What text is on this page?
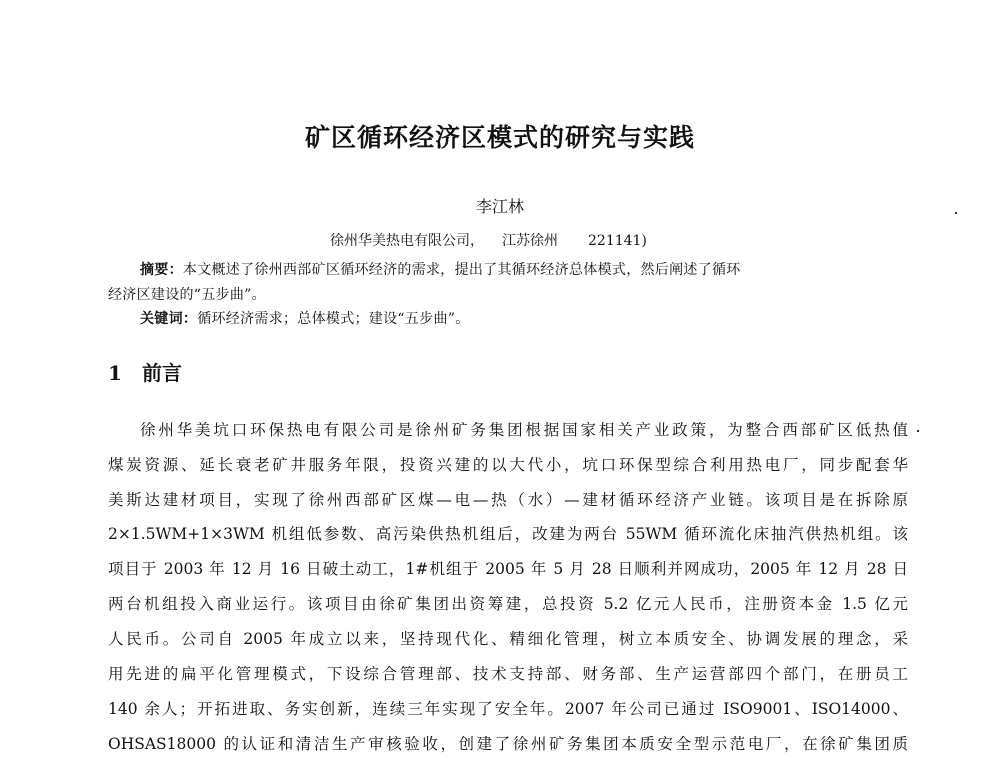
矿区循环经济区模式的研究与实践
李江林
徐州华美热电有限公司， 江苏徐州 221141)
摘要：本文概述了徐州西部矿区循环经济的需求，提出了其循环经济总体模式，然后阐述了循环
经济区建设的“五步曲”。
关键词：循环经济需求；总体模式；建设“五步曲”。
1 前言
徐州华美坑口环保热电有限公司是徐州矿务集团根据国家相关产业政策，为整合西部矿区低热值
煤炭资源、延长衰老矿井服务年限，投资兴建的以大代小，坑口环保型综合利用热电厂，同步配套华
美斯达建材项目，实现了徐州西部矿区煤—电—热（水）—建材循环经济产业链。该项目是在拆除原
2×1.5WM+1×3WM 机组低参数、高污染供热机组后，改建为两台 55WM 循环流化床抽汽供热机组。该
项目于 2003 年 12 月 16 日破土动工，1#机组于 2005 年 5 月 28 日顺利并网成功，2005 年 12 月 28 日
两台机组投入商业运行。该项目由徐矿集团出资筹建，总投资 5.2 亿元人民币，注册资本金 1.5 亿元
人民币。公司自 2005 年成立以来，坚持现代化、精细化管理，树立本质安全、协调发展的理念，采
用先进的扁平化管理模式，下设综合管理部、技术支持部、财务部、生产运营部四个部门，在册员工
140 余人；开拓进取、务实创新，连续三年实现了安全年。2007 年公司已通过 ISO9001、ISO14000、
OHSAS18000 的认证和清洁生产审核验收，创建了徐州矿务集团本质安全型示范电厂，在徐矿集团质
